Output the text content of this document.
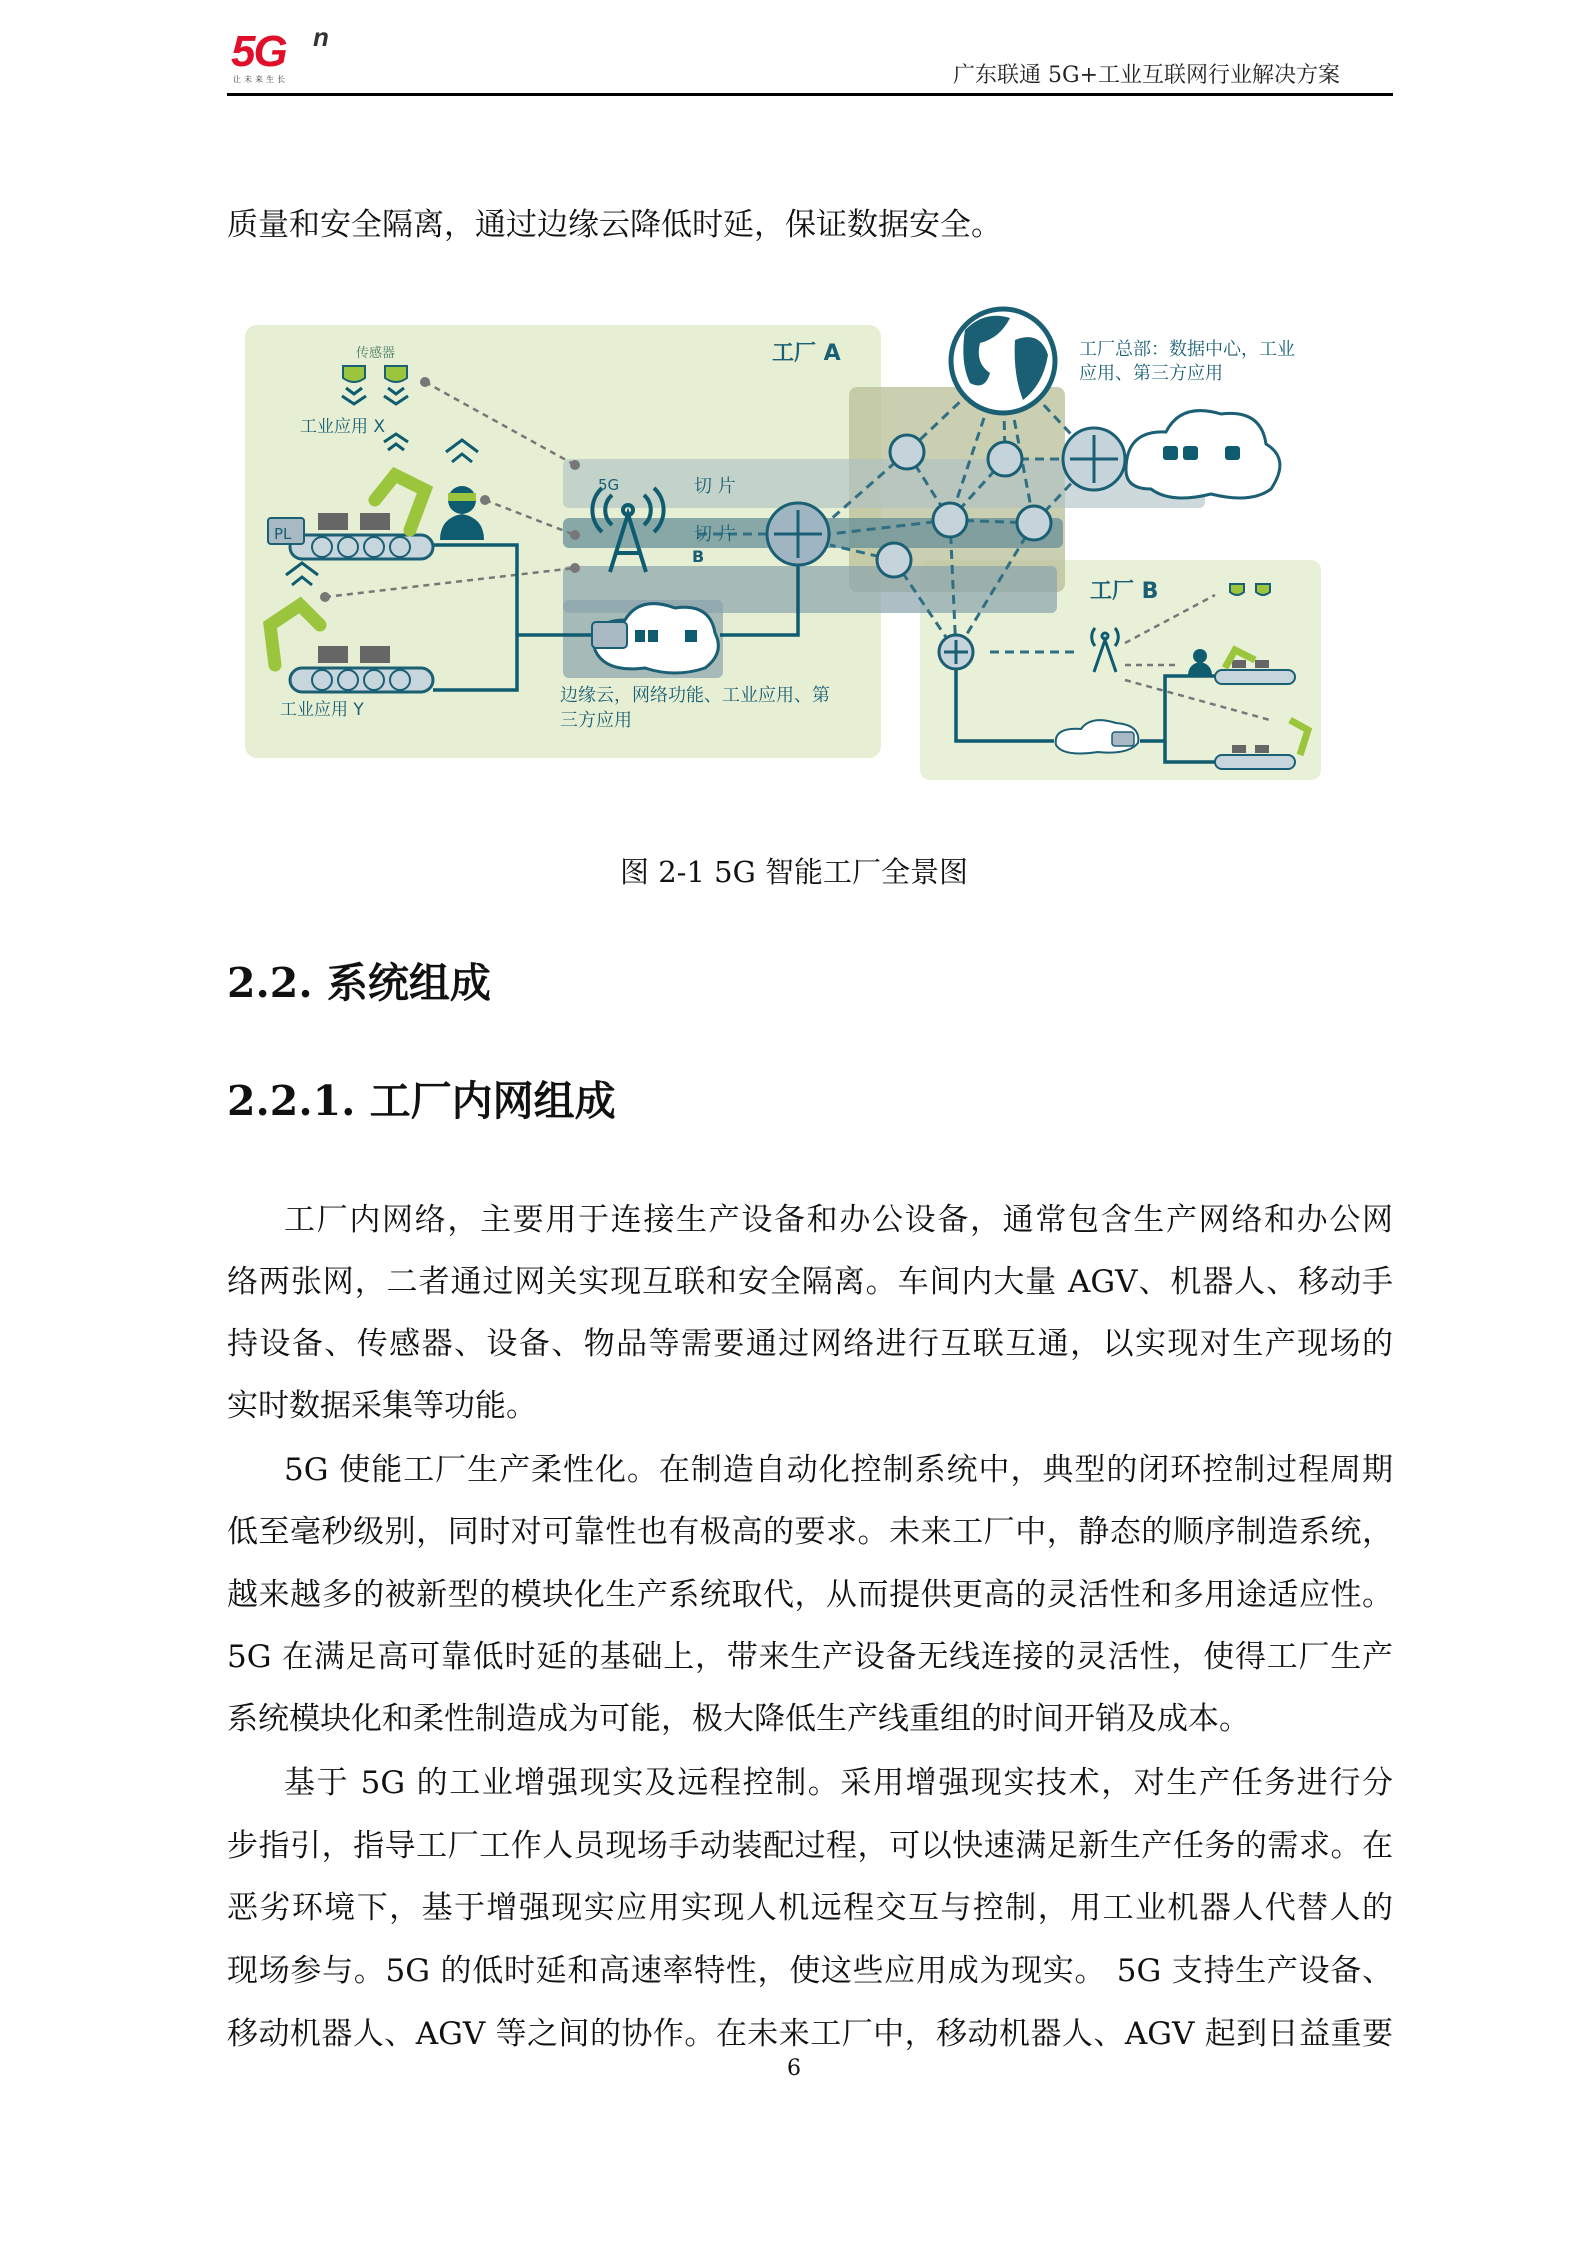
5G n
让未来生长	广东联通 5G+工业互联网行业解决方案
质量和安全隔离，通过边缘云降低时延，保证数据安全。
工厂 A
工厂 B
传感器
工业应用 X
工业应用 Y
5G	切 片
切 片
B
PL
边缘云，网络功能、工业应用、第
三方应用
工厂总部：数据中心，工业
应用、第三方应用
图 2-1 5G 智能工厂全景图
2.2. 系统组成
2.2.1. 工厂内网组成
工厂内网络，主要用于连接生产设备和办公设备，通常包含生产网络和办公网
络两张网，二者通过网关实现互联和安全隔离。车间内大量 AGV、机器人、移动手
持设备、传感器、设备、物品等需要通过网络进行互联互通，以实现对生产现场的
实时数据采集等功能。
5G 使能工厂生产柔性化。在制造自动化控制系统中，典型的闭环控制过程周期
低至毫秒级别，同时对可靠性也有极高的要求。未来工厂中，静态的顺序制造系统，
越来越多的被新型的模块化生产系统取代，从而提供更高的灵活性和多用途适应性。
5G 在满足高可靠低时延的基础上，带来生产设备无线连接的灵活性，使得工厂生产
系统模块化和柔性制造成为可能，极大降低生产线重组的时间开销及成本。
基于 5G 的工业增强现实及远程控制。采用增强现实技术，对生产任务进行分
步指引，指导工厂工作人员现场手动装配过程，可以快速满足新生产任务的需求。在
恶劣环境下，基于增强现实应用实现人机远程交互与控制，用工业机器人代替人的
现场参与。5G 的低时延和高速率特性，使这些应用成为现实。 5G 支持生产设备、
移动机器人、AGV 等之间的协作。在未来工厂中，移动机器人、AGV 起到日益重要
6
